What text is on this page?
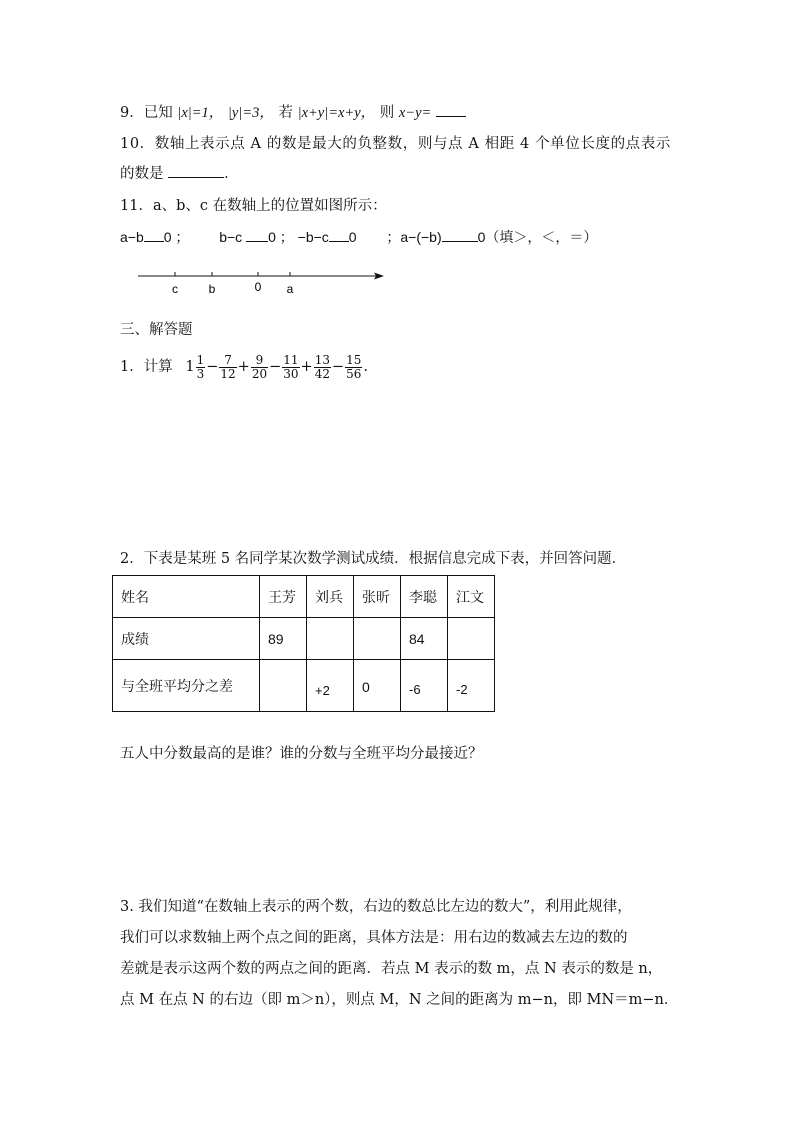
9．已知 |x|=1， |y|=3， 若 |x+y|=x+y， 则 x−y=
10．数轴上表示点 A 的数是最大的负整数，则与点 A 相距 4 个单位长度的点表示
的数是	．
11．a、b、c 在数轴上的位置如图所示：
a−b 0 ； b−c 0 ； −b−c 0 ；a−(−b)	0（填＞，＜，＝）
c	b	0 a
三、解答题
1．计算 $1 \frac{1}{3} - \frac{7}{12} + \frac{9}{20} - \frac{11}{30} + \frac{13}{42} - \frac{15}{56}$ .
2．下表是某班 5 名同学某次数学测试成绩．根据信息完成下表，并回答问题．
姓名	王芳	刘兵	张昕	李聪	江文
成绩	89			84	
与全班平均分之差		+2	0	-6	-2
五人中分数最高的是谁？谁的分数与全班平均分最接近？
3. 我们知道“在数轴上表示的两个数，右边的数总比左边的数大”，利用此规律，
我们可以求数轴上两个点之间的距离，具体方法是：用右边的数减去左边的数的
差就是表示这两个数的两点之间的距离．若点 M 表示的数 m，点 N 表示的数是 n，
点 M 在点 N 的右边（即 m＞n），则点 M，N 之间的距离为 m−n，即 MN＝m−n．
